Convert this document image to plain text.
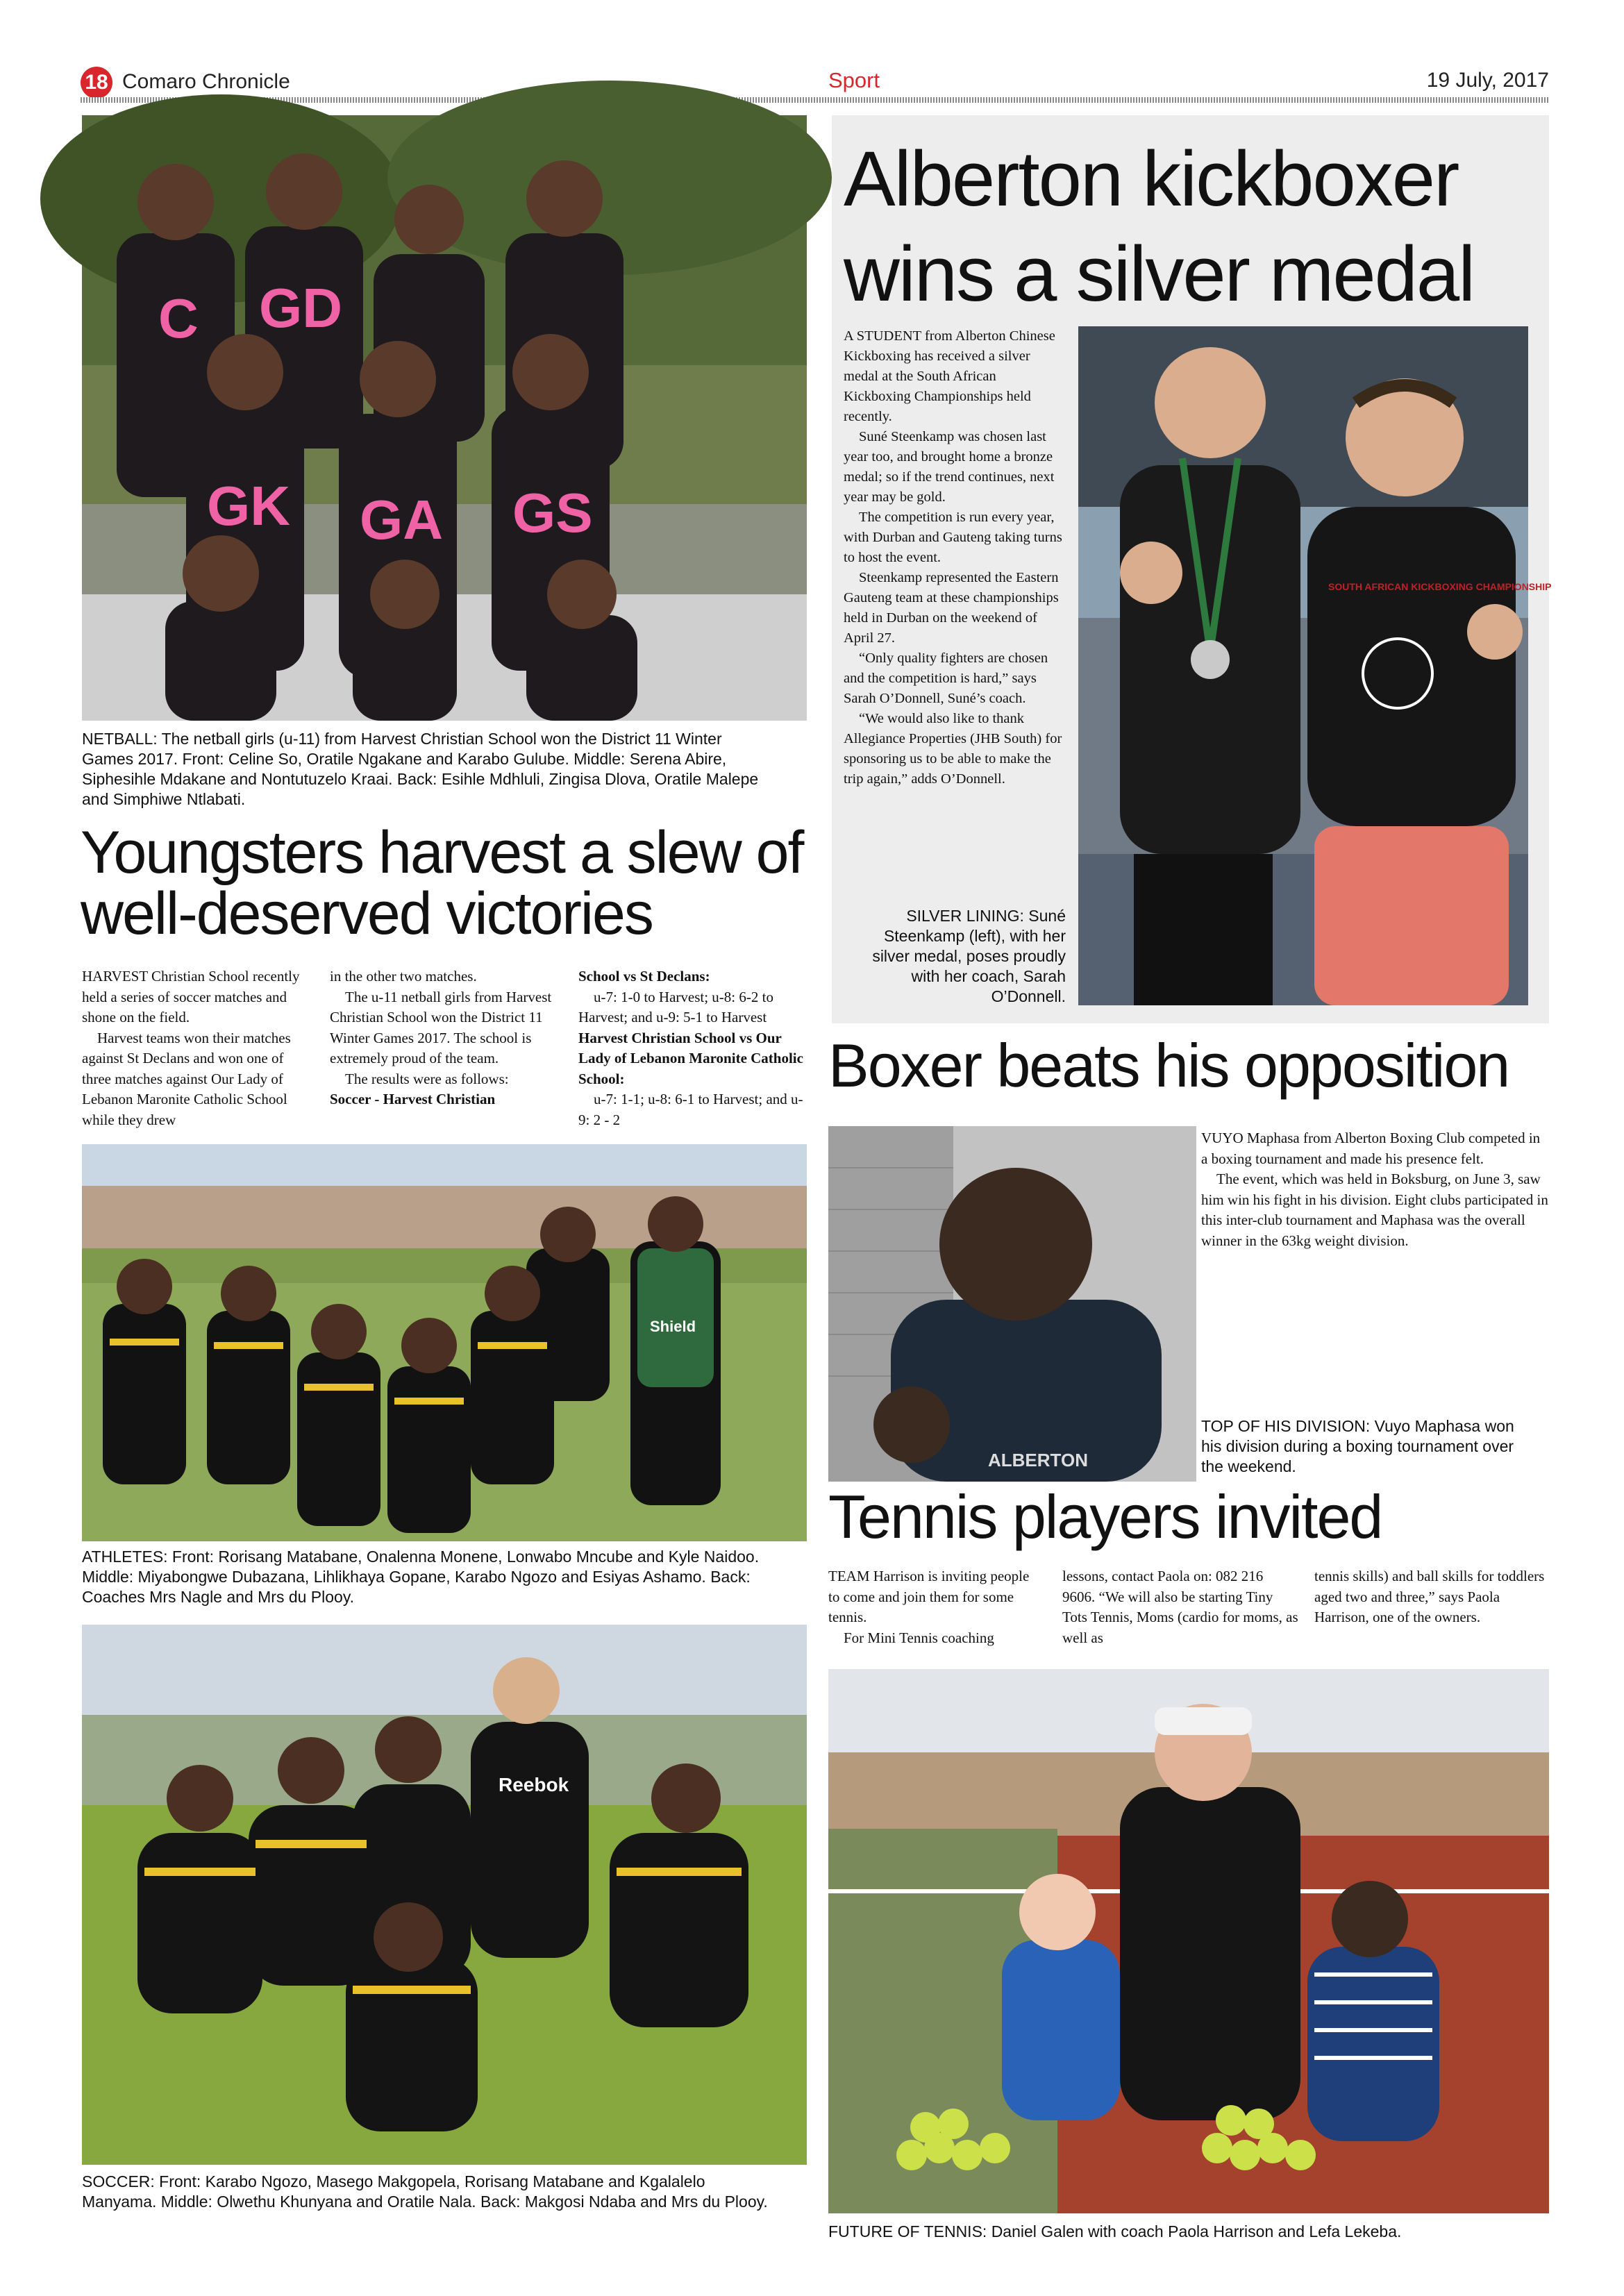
18 Comaro Chronicle	Sport	19 July, 2017
C GD
GK GA GS
NETBALL: The netball girls (u-11) from Harvest Christian School won the District 11 Winter Games 2017. Front: Celine So, Oratile Ngakane and Karabo Gulube. Middle: Serena Abire, Siphesihle Mdakane and Nontutuzelo Kraai. Back: Esihle Mdhluli, Zingisa Dlova, Oratile Malepe and Simphiwe Ntlabati.
Youngsters harvest a slew of well-deserved victories

HARVEST Christian School recently held a series of soccer matches and shone on the field.

Harvest teams won their matches against St Declans and won one of three matches against Our Lady of Lebanon Maronite Catholic School while they drew

in the other two matches.

The u-11 netball girls from Harvest Christian School won the District 11 Winter Games 2017. The school is extremely proud of the team.

The results were as follows:

Soccer - Harvest Christian

School vs St Declans:

u-7: 1-0 to Harvest; u-8: 6-2 to Harvest; and u-9: 5-1 to Harvest

Harvest Christian School vs Our Lady of Lebanon Maronite Catholic School:

u-7: 1-1; u-8: 6-1 to Harvest; and u-9: 2 - 2

Shield
ATHLETES: Front: Rorisang Matabane, Onalenna Monene, Lonwabo Mncube and Kyle Naidoo. Middle: Miyabongwe Dubazana, Lihlikhaya Gopane, Karabo Ngozo and Esiyas Ashamo. Back: Coaches Mrs Nagle and Mrs du Plooy.
Reebok
SOCCER: Front: Karabo Ngozo, Masego Makgopela, Rorisang Matabane and Kgalalelo Manyama. Middle: Olwethu Khunyana and Oratile Nala. Back: Makgosi Ndaba and Mrs du Plooy.
Alberton kickboxer wins a silver medal

A STUDENT from Alberton Chinese Kickboxing has received a silver medal at the South African Kickboxing Championships held recently.

Suné Steenkamp was chosen last year too, and brought home a bronze medal; so if the trend continues, next year may be gold.

The competition is run every year, with Durban and Gauteng taking turns to host the event.

Steenkamp represented the Eastern Gauteng team at these championships held in Durban on the weekend of April 27.

“Only quality fighters are chosen and the competition is hard,” says Sarah O’Donnell, Suné’s coach.

“We would also like to thank Allegiance Properties (JHB South) for sponsoring us to be able to make the trip again,” adds O’Donnell.

SILVER LINING: Suné Steenkamp (left), with her silver medal, poses proudly with her coach, Sarah O’Donnell.
SOUTH AFRICAN KICKBOXING CHAMPIONSHIP
Boxer beats his opposition
ALBERTON

VUYO Maphasa from Alberton Boxing Club competed in a boxing tournament and made his presence felt.

The event, which was held in Boksburg, on June 3, saw him win his fight in his division. Eight clubs participated in this inter-club tournament and Maphasa was the overall winner in the 63kg weight division.

TOP OF HIS DIVISION: Vuyo Maphasa won his division during a boxing tournament over the weekend.
Tennis players invited

TEAM Harrison is inviting people to come and join them for some tennis.

For Mini Tennis coaching

lessons, contact Paola on: 082 216 9606. “We will also be starting Tiny Tots Tennis, Moms (cardio for moms, as well as

tennis skills) and ball skills for toddlers aged two and three,” says Paola Harrison, one of the owners.

FUTURE OF TENNIS: Daniel Galen with coach Paola Harrison and Lefa Lekeba.
